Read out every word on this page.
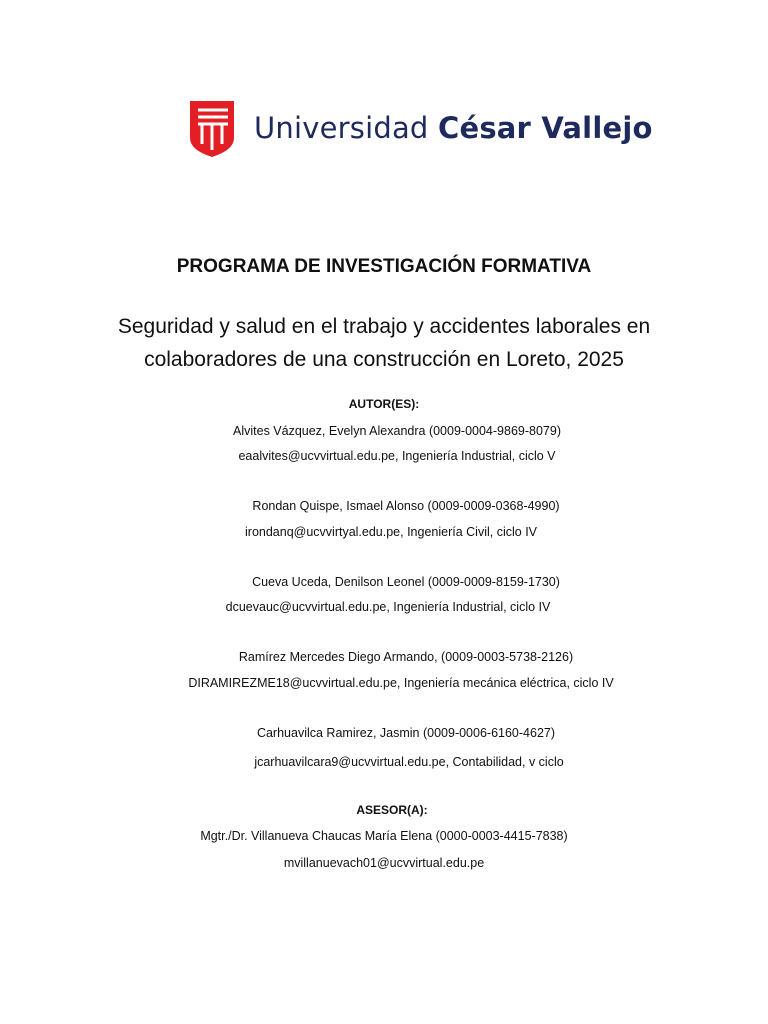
Universidad César Vallejo
PROGRAMA DE INVESTIGACIÓN FORMATIVA
Seguridad y salud en el trabajo y accidentes laborales en
colaboradores de una construcción en Loreto, 2025
AUTOR(ES):
Alvites Vázquez, Evelyn Alexandra (0009-0004-9869-8079)
eaalvites@ucvvirtual.edu.pe, Ingeniería Industrial, ciclo V
Rondan Quispe, Ismael Alonso (0009-0009-0368-4990)
irondanq@ucvvirtyal.edu.pe, Ingeniería Civil, ciclo IV
Cueva Uceda, Denilson Leonel (0009-0009-8159-1730)
dcuevauc@ucvvirtual.edu.pe, Ingeniería Industrial, ciclo IV
Ramírez Mercedes Diego Armando, (0009-0003-5738-2126)
DIRAMIREZME18@ucvvirtual.edu.pe, Ingeniería mecánica eléctrica, ciclo IV
Carhuavilca Ramirez, Jasmin (0009-0006-6160-4627)
jcarhuavilcara9@ucvvirtual.edu.pe, Contabilidad, v ciclo
ASESOR(A):
Mgtr./Dr. Villanueva Chaucas María Elena (0000-0003-4415-7838)
mvillanuevach01@ucvvirtual.edu.pe
